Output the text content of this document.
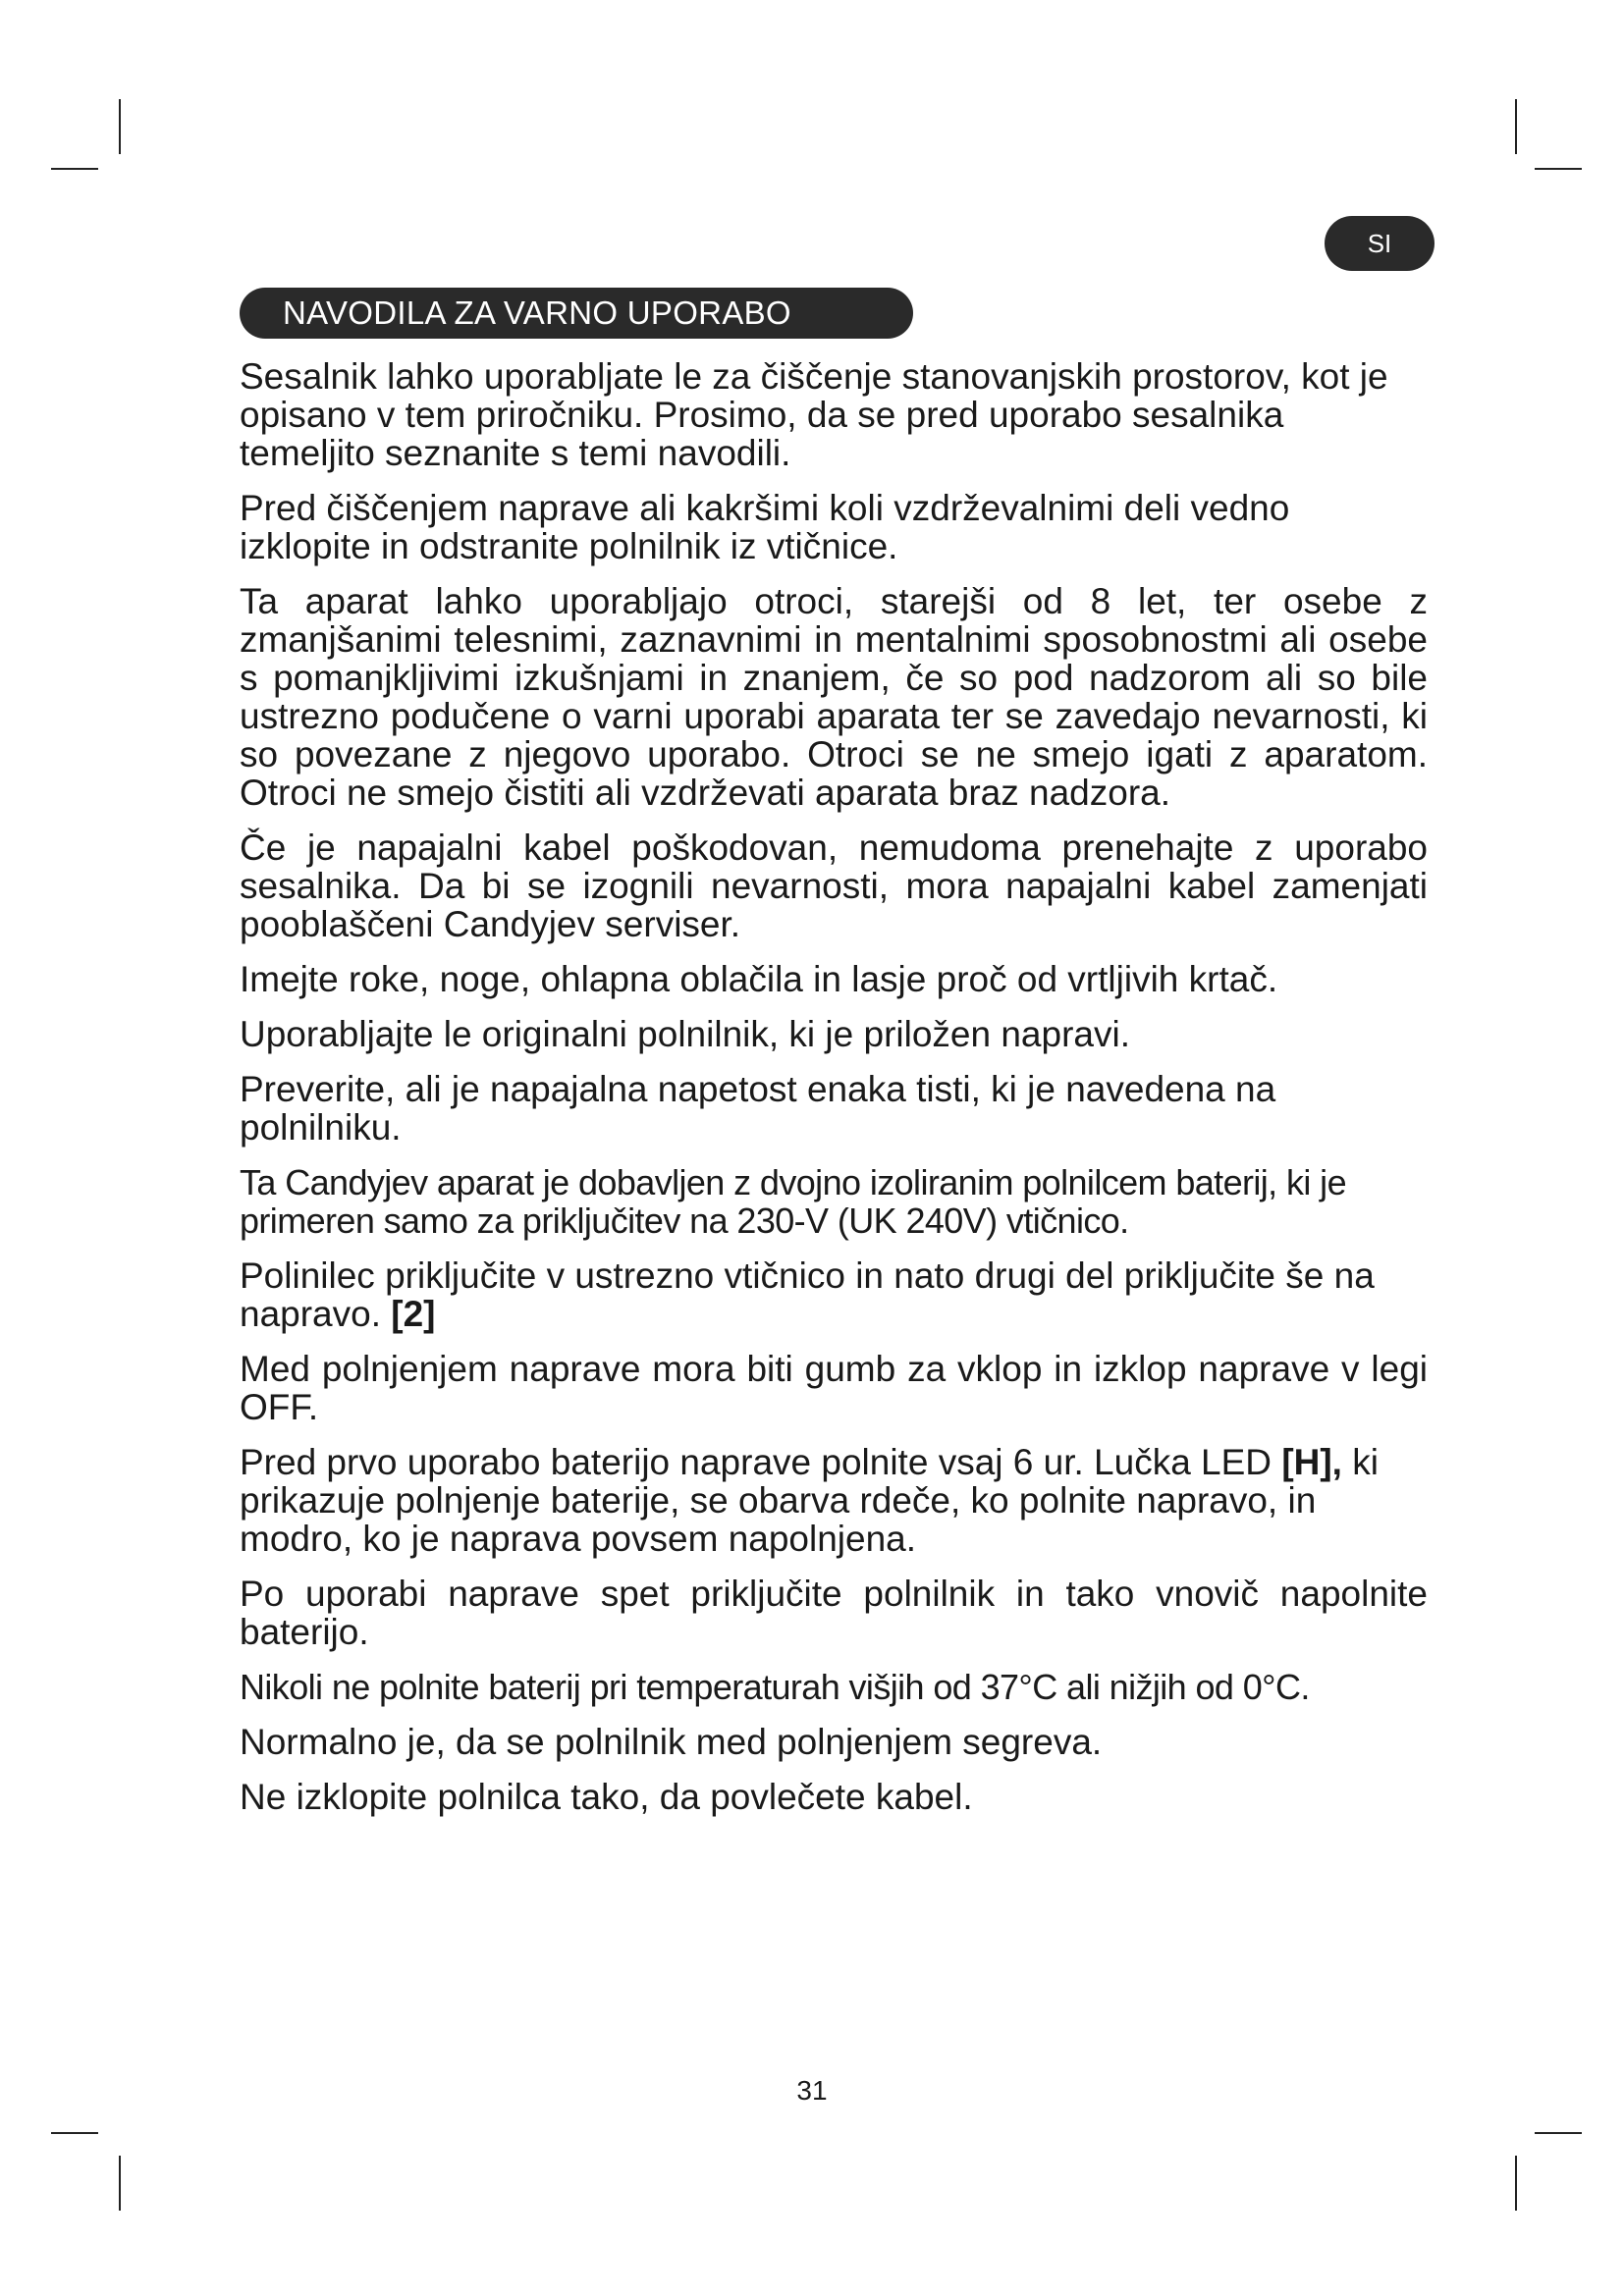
SI
NAVODILA ZA VARNO UPORABO

Sesalnik lahko uporabljate le za čiščenje stanovanjskih prostorov, kot je opisano v tem priročniku. Prosimo, da se pred uporabo sesalnika temeljito seznanite s temi navodili.

Pred čiščenjem naprave ali kakršimi koli vzdrževalnimi deli vedno izklopite in odstranite polnilnik iz vtičnice.

Ta aparat lahko uporabljajo otroci, starejši od 8 let, ter osebe z zmanjšanimi telesnimi, zaznavnimi in mentalnimi sposobnostmi ali osebe s pomanjkljivimi izkušnjami in znanjem, če so pod nadzorom ali so bile ustrezno podučene o varni uporabi aparata ter se zavedajo nevarnosti, ki so povezane z njegovo uporabo. Otroci se ne smejo igati z aparatom. Otroci ne smejo čistiti ali vzdrževati aparata braz nadzora.

Če je napajalni kabel poškodovan, nemudoma prenehajte z uporabo sesalnika. Da bi se izognili nevarnosti, mora napajalni kabel zamenjati pooblaščeni Candyjev serviser.

Imejte roke, noge, ohlapna oblačila in lasje proč od vrtljivih krtač.

Uporabljajte le originalni polnilnik, ki je priložen napravi.

Preverite, ali je napajalna napetost enaka tisti, ki je navedena na polnilniku.

Ta Candyjev aparat je dobavljen z dvojno izoliranim polnilcem baterij, ki je primeren samo za priključitev na 230-V (UK 240V) vtičnico.

Polinilec priključite v ustrezno vtičnico in nato drugi del priključite še na napravo. [2]

Med polnjenjem naprave mora biti gumb za vklop in izklop naprave v legi OFF.

Pred prvo uporabo baterijo naprave polnite vsaj 6 ur. Lučka LED [H], ki prikazuje polnjenje baterije, se obarva rdeče, ko polnite napravo, in modro, ko je naprava povsem napolnjena.

Po uporabi naprave spet priključite polnilnik in tako vnovič napolnite baterijo.

Nikoli ne polnite baterij pri temperaturah višjih od 37°C ali nižjih od 0°C.

Normalno je, da se polnilnik med polnjenjem segreva.

Ne izklopite polnilca tako, da povlečete kabel.

31
